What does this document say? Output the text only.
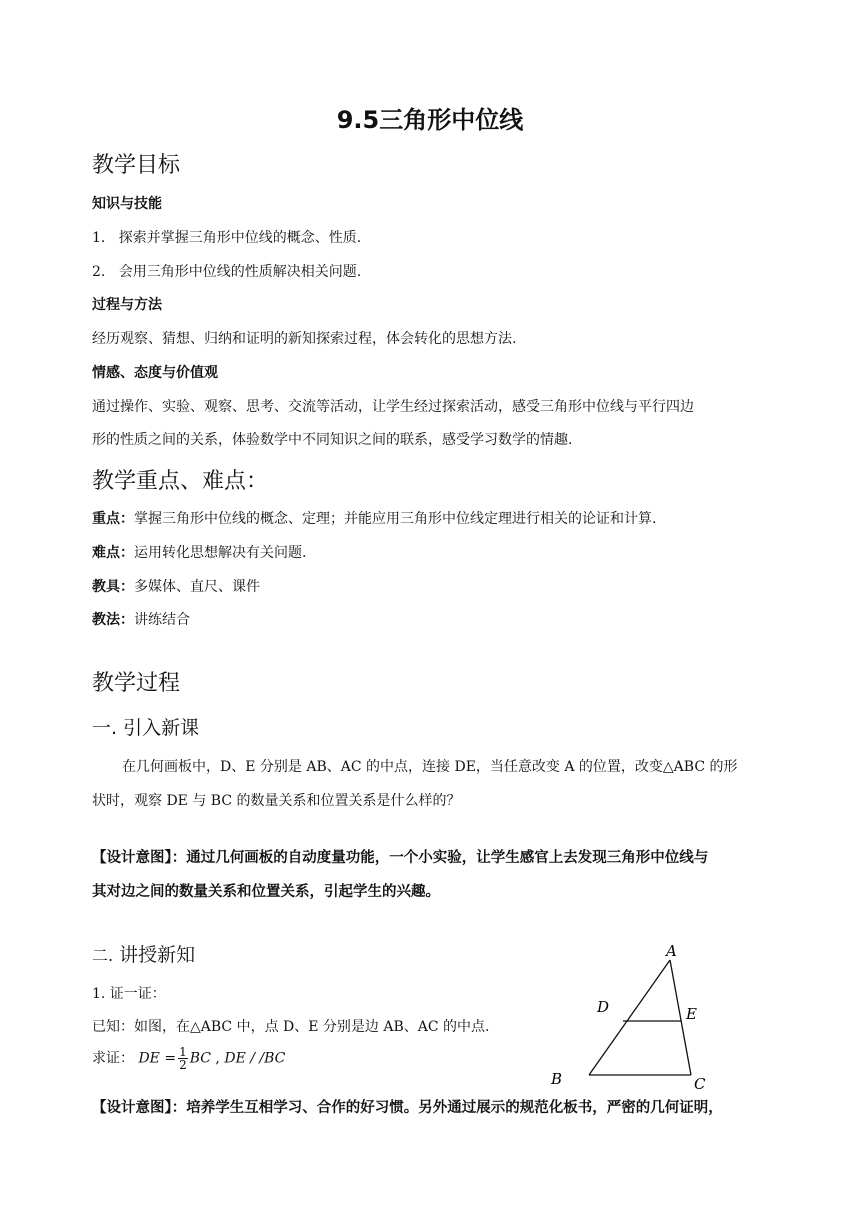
9.5三角形中位线
教学目标
知识与技能
1.   探索并掌握三角形中位线的概念、性质.
2.   会用三角形中位线的性质解决相关问题.
过程与方法
经历观察、猜想、归纳和证明的新知探索过程，体会转化的思想方法.
情感、态度与价值观
通过操作、实验、观察、思考、交流等活动，让学生经过探索活动，感受三角形中位线与平行四边
形的性质之间的关系，体验数学中不同知识之间的联系，感受学习数学的情趣.
教学重点、难点：
重点：掌握三角形中位线的概念、定理；并能应用三角形中位线定理进行相关的论证和计算.
难点：运用转化思想解决有关问题.
教具：多媒体、直尺、课件
教法：讲练结合
教学过程
一. 引入新课
在几何画板中，D、E 分别是 AB、AC 的中点，连接 DE，当任意改变 A 的位置，改变△ABC 的形
状时，观察 DE 与 BC 的数量关系和位置关系是什么样的？
【设计意图】：通过几何画板的自动度量功能，一个小实验，让学生感官上去发现三角形中位线与
其对边之间的数量关系和位置关系，引起学生的兴趣。
二. 讲授新知
1. 证一证：
已知：如图，在△ABC 中，点 D、E 分别是边 AB、AC 的中点.
求证： DE = $\frac{1}{2}$ BC , DE / /BC
【设计意图】：培养学生互相学习、合作的好习惯。另外通过展示的规范化板书，严密的几何证明，
A
D	E
B	C
